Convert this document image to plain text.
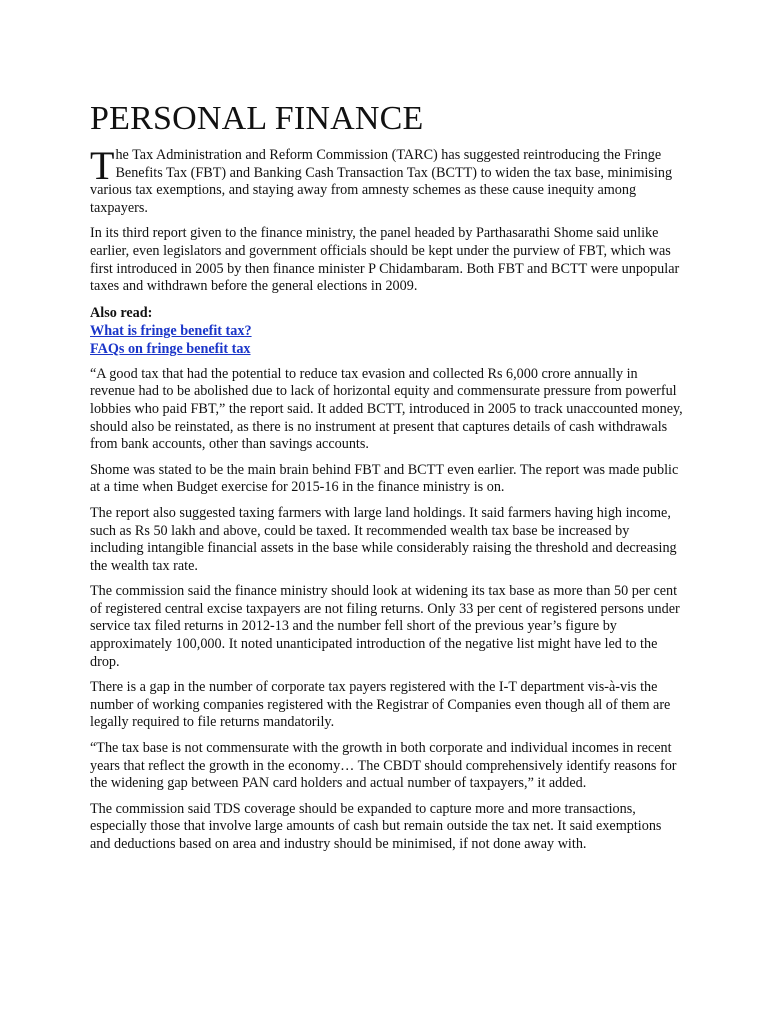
PERSONAL FINANCE

The Tax Administration and Reform Commission (TARC) has suggested reintroducing the Fringe Benefits Tax (FBT) and Banking Cash Transaction Tax (BCTT) to widen the tax base, minimising various tax exemptions, and staying away from amnesty schemes as these cause inequity among taxpayers.

In its third report given to the finance ministry, the panel headed by Parthasarathi Shome said unlike earlier, even legislators and government officials should be kept under the purview of FBT, which was first introduced in 2005 by then finance minister P Chidambaram. Both FBT and BCTT were unpopular taxes and withdrawn before the general elections in 2009.

Also read:

What is fringe benefit tax?
FAQs on fringe benefit tax

“A good tax that had the potential to reduce tax evasion and collected Rs 6,000 crore annually in revenue had to be abolished due to lack of horizontal equity and commensurate pressure from powerful lobbies who paid FBT,” the report said. It added BCTT, introduced in 2005 to track unaccounted money, should also be reinstated, as there is no instrument at present that captures details of cash withdrawals from bank accounts, other than savings accounts.

Shome was stated to be the main brain behind FBT and BCTT even earlier. The report was made public at a time when Budget exercise for 2015-16 in the finance ministry is on.

The report also suggested taxing farmers with large land holdings. It said farmers having high income, such as Rs 50 lakh and above, could be taxed. It recommended wealth tax base be increased by including intangible financial assets in the base while considerably raising the threshold and decreasing the wealth tax rate.

The commission said the finance ministry should look at widening its tax base as more than 50 per cent of registered central excise taxpayers are not filing returns. Only 33 per cent of registered persons under service tax filed returns in 2012-13 and the number fell short of the previous year’s figure by approximately 100,000. It noted unanticipated introduction of the negative list might have led to the drop.

There is a gap in the number of corporate tax payers registered with the I-T department vis-à-vis the number of working companies registered with the Registrar of Companies even though all of them are legally required to file returns mandatorily.

“The tax base is not commensurate with the growth in both corporate and individual incomes in recent years that reflect the growth in the economy… The CBDT should comprehensively identify reasons for the widening gap between PAN card holders and actual number of taxpayers,” it added.

The commission said TDS coverage should be expanded to capture more and more transactions, especially those that involve large amounts of cash but remain outside the tax net. It said exemptions and deductions based on area and industry should be minimised, if not done away with.
